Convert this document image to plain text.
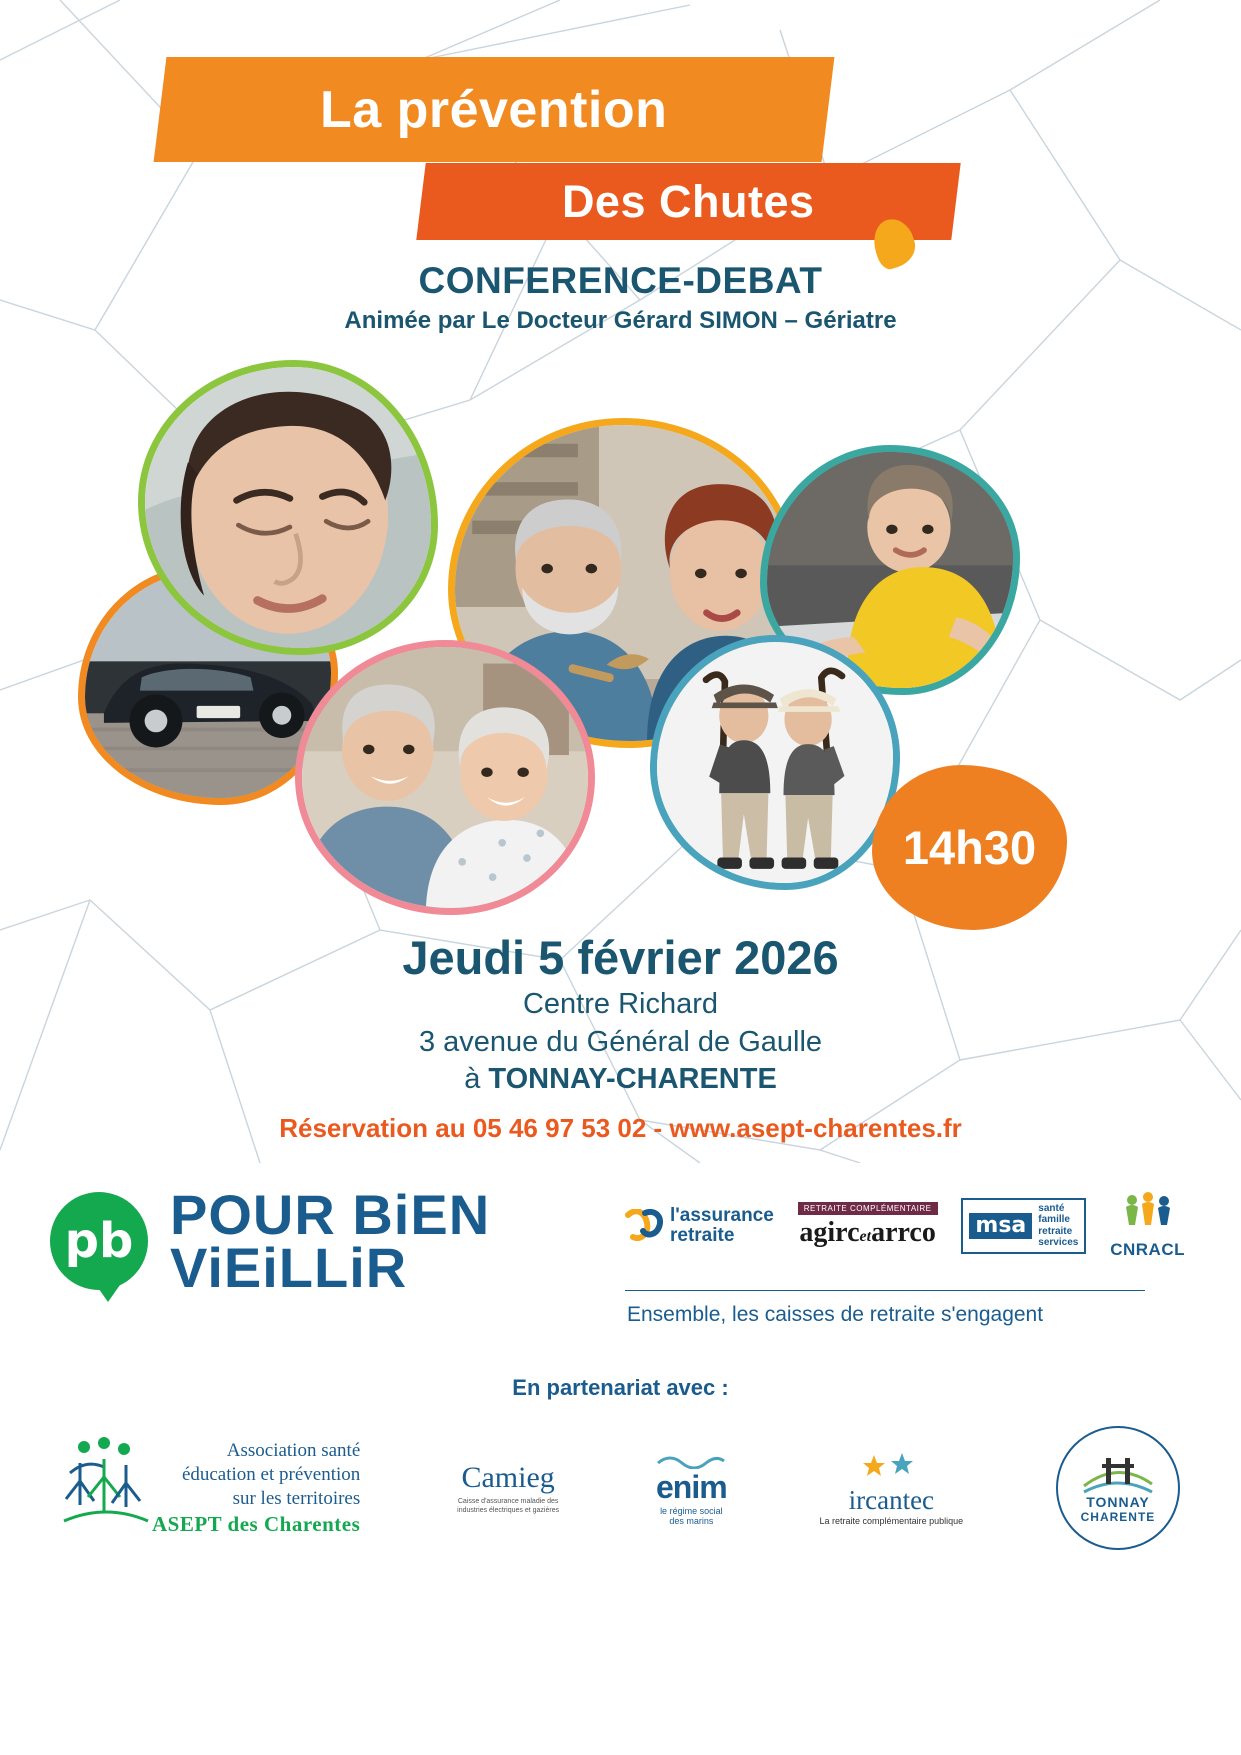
La prévention
Des Chutes
CONFERENCE-DEBAT
Animée par Le Docteur Gérard SIMON – Gériatre
14h30
Jeudi 5 février 2026
Centre Richard
3 avenue du Général de Gaulle
à TONNAY-CHARENTE
Réservation au 05 46 97 53 02 - www.asept-charentes.fr
pb POUR BiEN
ViEiLLiR
l'assurance
retraite
RETRAITE COMPLÉMENTAIRE
agircetarrco msa
santé
famille
retraite
services CNRACL
Ensemble, les caisses de retraite s'engagent
En partenariat avec :
Association santé
éducation et prévention
sur les territoires
ASEPT des Charentes
Camieg
Caisse d'assurance maladie des industries électriques et gazières
enim
le régime social
des marins
ircantec
La retraite complémentaire publique
TONNAY
CHARENTE
